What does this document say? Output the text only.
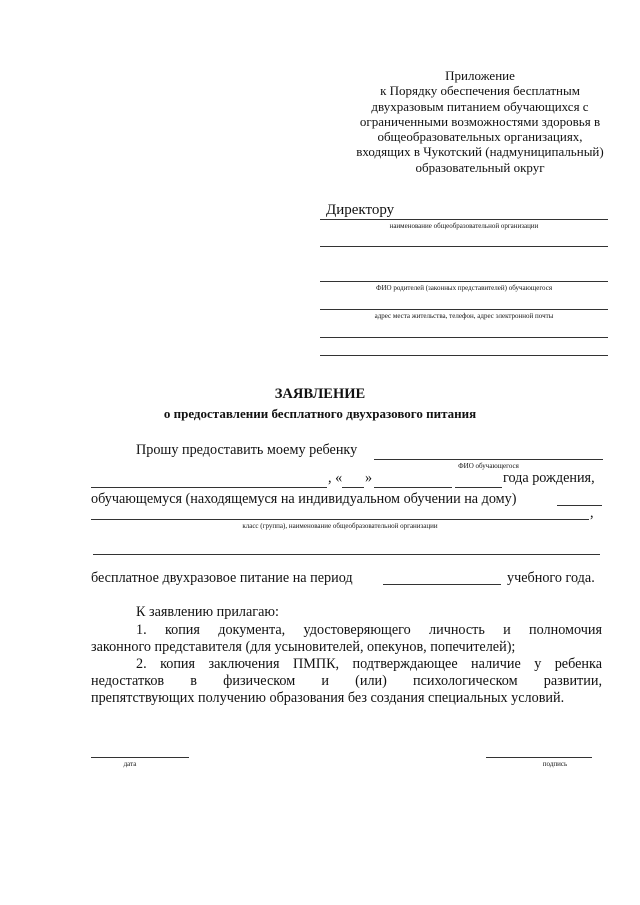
Приложение
к Порядку обеспечения бесплатным
двухразовым питанием обучающихся с
ограниченными возможностями здоровья в
общеобразовательных организациях,
входящих в Чукотский (надмуниципальный)
образовательный округ
Директору
наименование общеобразовательной организации
ФИО родителей (законных представителей) обучающегося
адрес места жительства, телефон, адрес электронной почты
ЗАЯВЛЕНИЕ
о предоставлении бесплатного двухразового питания
Прошу предоставить моему ребенку
ФИО обучающегося
, « »	года рождения,
обучающемуся (находящемуся на индивидуальном обучении на дому)
,
класс (группа), наименование общеобразовательной организации
бесплатное двухразовое питание на период	учебного года.
К заявлению прилагаю:
1. копия документа, удостоверяющего личность и полномочия
законного представителя (для усыновителей, опекунов, попечителей);
2. копия заключения ПМПК, подтверждающее наличие у ребенка
недостатков в физическом и (или) психологическом развитии,
препятствующих получению образования без создания специальных условий.
дата	подпись
